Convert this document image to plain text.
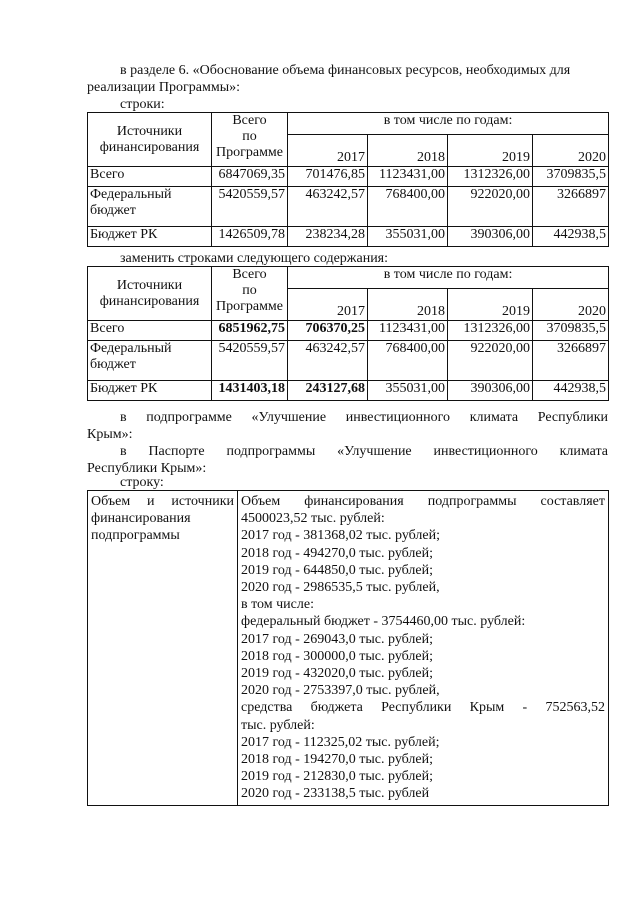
в разделе 6. «Обоснование объема финансовых ресурсов, необходимых для
реализации Программы»:
строки:
Источники
финансирования	Всего
по
Программе	в том числе по годам:			
		2017	2018	2019	2020
Всего	6847069,35	701476,85	1123431,00	1312326,00	3709835,5

Федеральный
бюджет	5420559,57	463242,57	768400,00	922020,00	3266897
Бюджет РК	1426509,78	238234,28	355031,00	390306,00	442938,5
заменить строками следующего содержания:
Источники
финансирования	Всего
по
Программе	в том числе по годам:			
		2017	2018	2019	2020
Всего	6851962,75	706370,25	1123431,00	1312326,00	3709835,5

Федеральный
бюджет	5420559,57	463242,57	768400,00	922020,00	3266897
Бюджет РК	1431403,18	243127,68	355031,00	390306,00	442938,5
в подпрограмме «Улучшение инвестиционного климата Республики
Крым»:
в Паспорте подпрограммы «Улучшение инвестиционного климата
Республики Крым»:
строку:
Объем и источники
финансирования
подпрограммы

Объем финансирования подпрограммы составляет
4500023,52 тыс. рублей:
2017 год - 381368,02 тыс. рублей;
2018 год - 494270,0 тыс. рублей;
2019 год - 644850,0 тыс. рублей;
2020 год - 2986535,5 тыс. рублей,
в том числе:
федеральный бюджет - 3754460,00 тыс. рублей:
2017 год - 269043,0 тыс. рублей;
2018 год - 300000,0 тыс. рублей;
2019 год - 432020,0 тыс. рублей;
2020 год - 2753397,0 тыс. рублей,
средства бюджета Республики Крым - 752563,52
тыс. рублей:
2017 год - 112325,02 тыс. рублей;
2018 год - 194270,0 тыс. рублей;
2019 год - 212830,0 тыс. рублей;
2020 год - 233138,5 тыс. рублей
